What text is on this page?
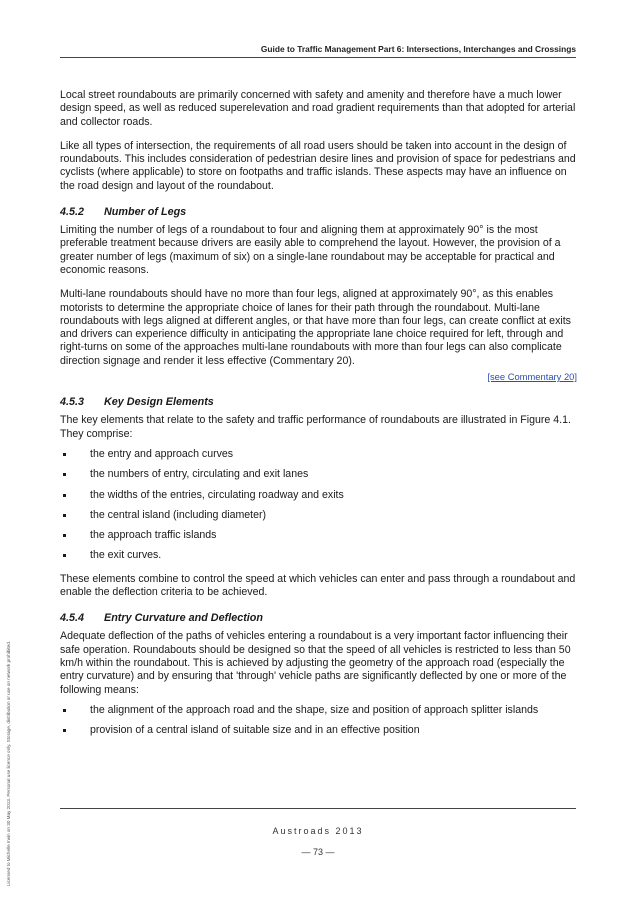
Guide to Traffic Management Part 6: Intersections, Interchanges and Crossings

Local street roundabouts are primarily concerned with safety and amenity and therefore have a much lower design speed, as well as reduced superelevation and road gradient requirements than that adopted for arterial and collector roads.

Like all types of intersection, the requirements of all road users should be taken into account in the design of roundabouts. This includes consideration of pedestrian desire lines and provision of space for pedestrians and cyclists (where applicable) to store on footpaths and traffic islands. These aspects may have an influence on the road design and layout of the roundabout.

4.5.2 Number of Legs

Limiting the number of legs of a roundabout to four and aligning them at approximately 90° is the most preferable treatment because drivers are easily able to comprehend the layout. However, the provision of a greater number of legs (maximum of six) on a single-lane roundabout may be acceptable for practical and economic reasons.

Multi-lane roundabouts should have no more than four legs, aligned at approximately 90°, as this enables motorists to determine the appropriate choice of lanes for their path through the roundabout. Multi-lane roundabouts with legs aligned at different angles, or that have more than four legs, can create conflict at exits and drivers can experience difficulty in anticipating the appropriate lane choice required for left, through and right-turns on some of the approaches multi-lane roundabouts with more than four legs can also complicate direction signage and render it less effective (Commentary 20).

[see Commentary 20]
4.5.3 Key Design Elements

The key elements that relate to the safety and traffic performance of roundabouts are illustrated in Figure 4.1. They comprise:

the entry and approach curves
the numbers of entry, circulating and exit lanes
the widths of the entries, circulating roadway and exits
the central island (including diameter)
the approach traffic islands
the exit curves.

These elements combine to control the speed at which vehicles can enter and pass through a roundabout and enable the deflection criteria to be achieved.

4.5.4 Entry Curvature and Deflection

Adequate deflection of the paths of vehicles entering a roundabout is a very important factor influencing their safe operation. Roundabouts should be designed so that the speed of all vehicles is restricted to less than 50 km/h within the roundabout. This is achieved by adjusting the geometry of the approach road (especially the entry curvature) and by ensuring that 'through' vehicle paths are significantly deflected by one or more of the following means:

the alignment of the approach road and the shape, size and position of approach splitter islands
provision of a central island of suitable size and in an effective position
Austroads 2013
— 73 —
Licensed to Michelle Irwin on 30 May 2013. Personal use licence only. Storage, distribution or use on network prohibited.
